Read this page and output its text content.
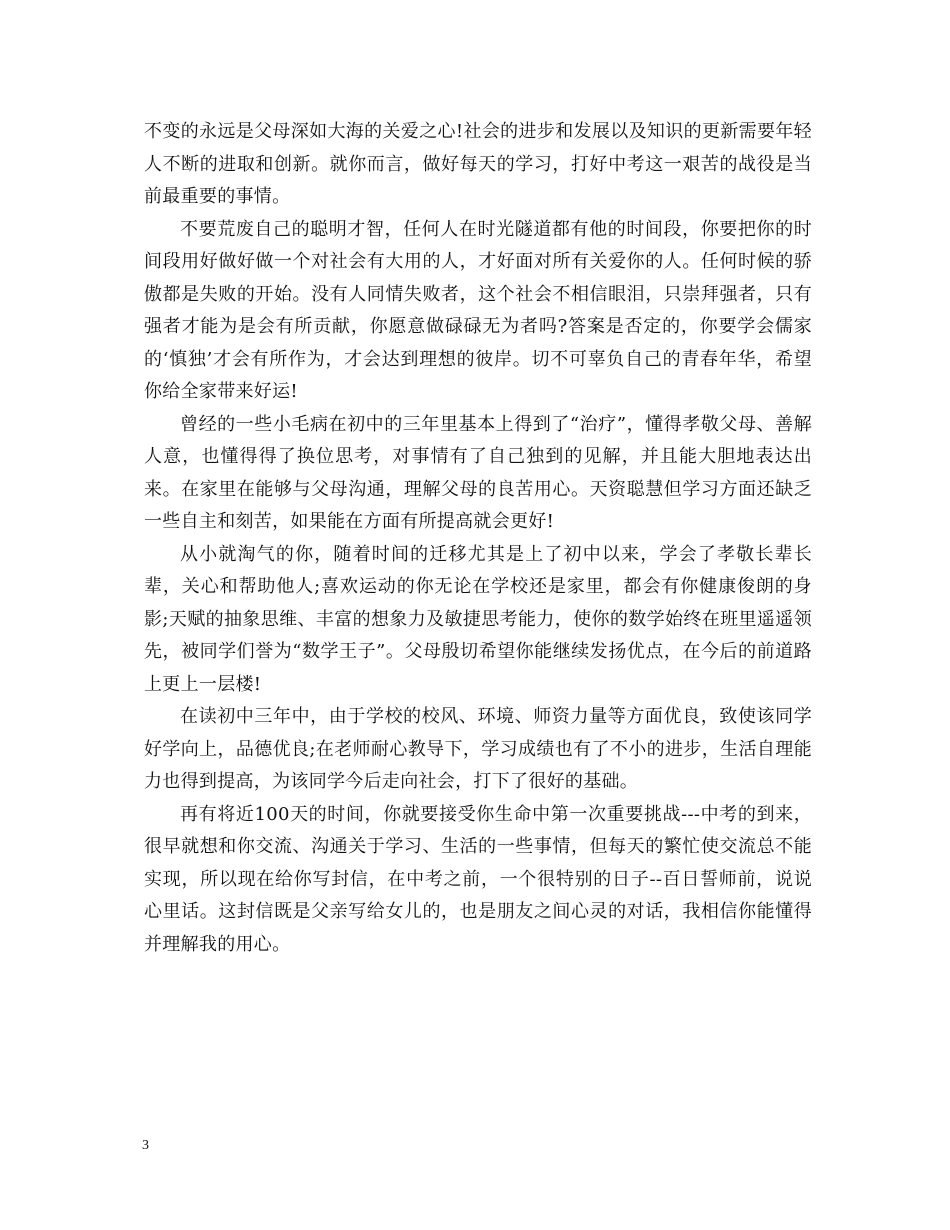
不变的永远是父母深如大海的关爱之心!社会的进步和发展以及知识的更新需要年轻人不断的进取和创新。就你而言，做好每天的学习，打好中考这一艰苦的战役是当前最重要的事情。

不要荒废自己的聪明才智，任何人在时光隧道都有他的时间段，你要把你的时间段用好做好做一个对社会有大用的人，才好面对所有关爱你的人。任何时候的骄傲都是失败的开始。没有人同情失败者，这个社会不相信眼泪，只崇拜强者，只有强者才能为是会有所贡献，你愿意做碌碌无为者吗?答案是否定的，你要学会儒家的‘慎独’才会有所作为，才会达到理想的彼岸。切不可辜负自己的青春年华，希望你给全家带来好运!

曾经的一些小毛病在初中的三年里基本上得到了“治疗”，懂得孝敬父母、善解人意，也懂得得了换位思考，对事情有了自己独到的见解，并且能大胆地表达出来。在家里在能够与父母沟通，理解父母的良苦用心。天资聪慧但学习方面还缺乏一些自主和刻苦，如果能在方面有所提高就会更好!

从小就淘气的你，随着时间的迁移尤其是上了初中以来，学会了孝敬长辈长辈，关心和帮助他人;喜欢运动的你无论在学校还是家里，都会有你健康俊朗的身影;天赋的抽象思维、丰富的想象力及敏捷思考能力，使你的数学始终在班里遥遥领先，被同学们誉为“数学王子”。父母殷切希望你能继续发扬优点，在今后的前道路上更上一层楼!

在读初中三年中，由于学校的校风、环境、师资力量等方面优良，致使该同学好学向上，品德优良;在老师耐心教导下，学习成绩也有了不小的进步，生活自理能力也得到提高，为该同学今后走向社会，打下了很好的基础。

再有将近100天的时间，你就要接受你生命中第一次重要挑战---中考的到来，很早就想和你交流、沟通关于学习、生活的一些事情，但每天的繁忙使交流总不能实现，所以现在给你写封信，在中考之前，一个很特别的日子--百日誓师前，说说心里话。这封信既是父亲写给女儿的，也是朋友之间心灵的对话，我相信你能懂得并理解我的用心。

3
